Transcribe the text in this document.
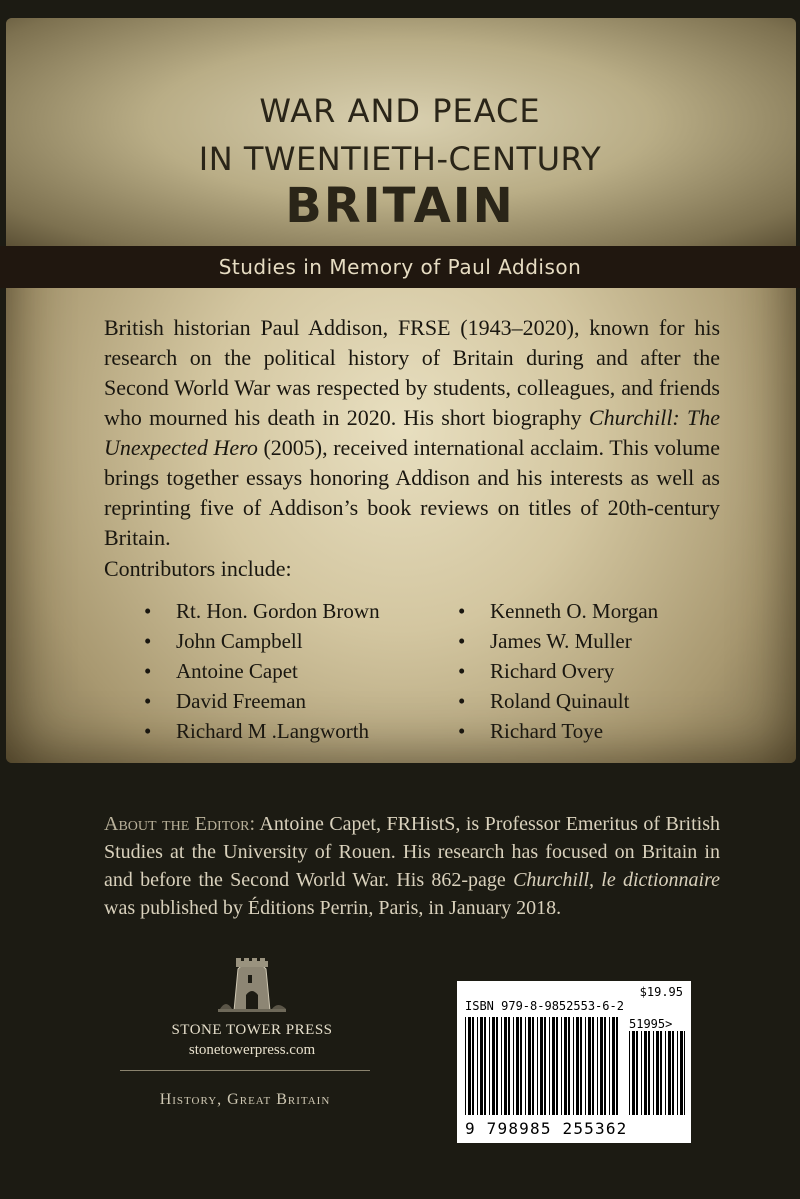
WAR AND PEACE
IN TWENTIETH-CENTURY
BRITAIN
Studies in Memory of Paul Addison

British historian Paul Addison, FRSE (1943–2020), known for his research on the political history of Britain during and after the Second World War was respected by students, colleagues, and friends who mourned his death in 2020. His short biography Churchill: The Unexpected Hero (2005), received international acclaim. This volume brings together essays honoring Addison and his interests as well as reprinting five of Addison’s book reviews on titles of 20th-century Britain.

Contributors include:
• Rt. Hon. Gordon Brown
• John Campbell
• Antoine Capet
• David Freeman
• Richard M .Langworth
• Kenneth O. Morgan
• James W. Muller
• Richard Overy
• Roland Quinault
• Richard Toye

About the Editor: Antoine Capet, FRHistS, is Professor Emeritus of British Studies at the University of Rouen. His research has focused on Britain in and before the Second World War. His 862-page Churchill, le dictionnaire was published by Éditions Perrin, Paris, in January 2018.

STONE TOWER PRESS
stonetowerpress.com
History, Great Britain
$19.95
ISBN 979-8-9852553-6-2
51995>
9 798985 255362
